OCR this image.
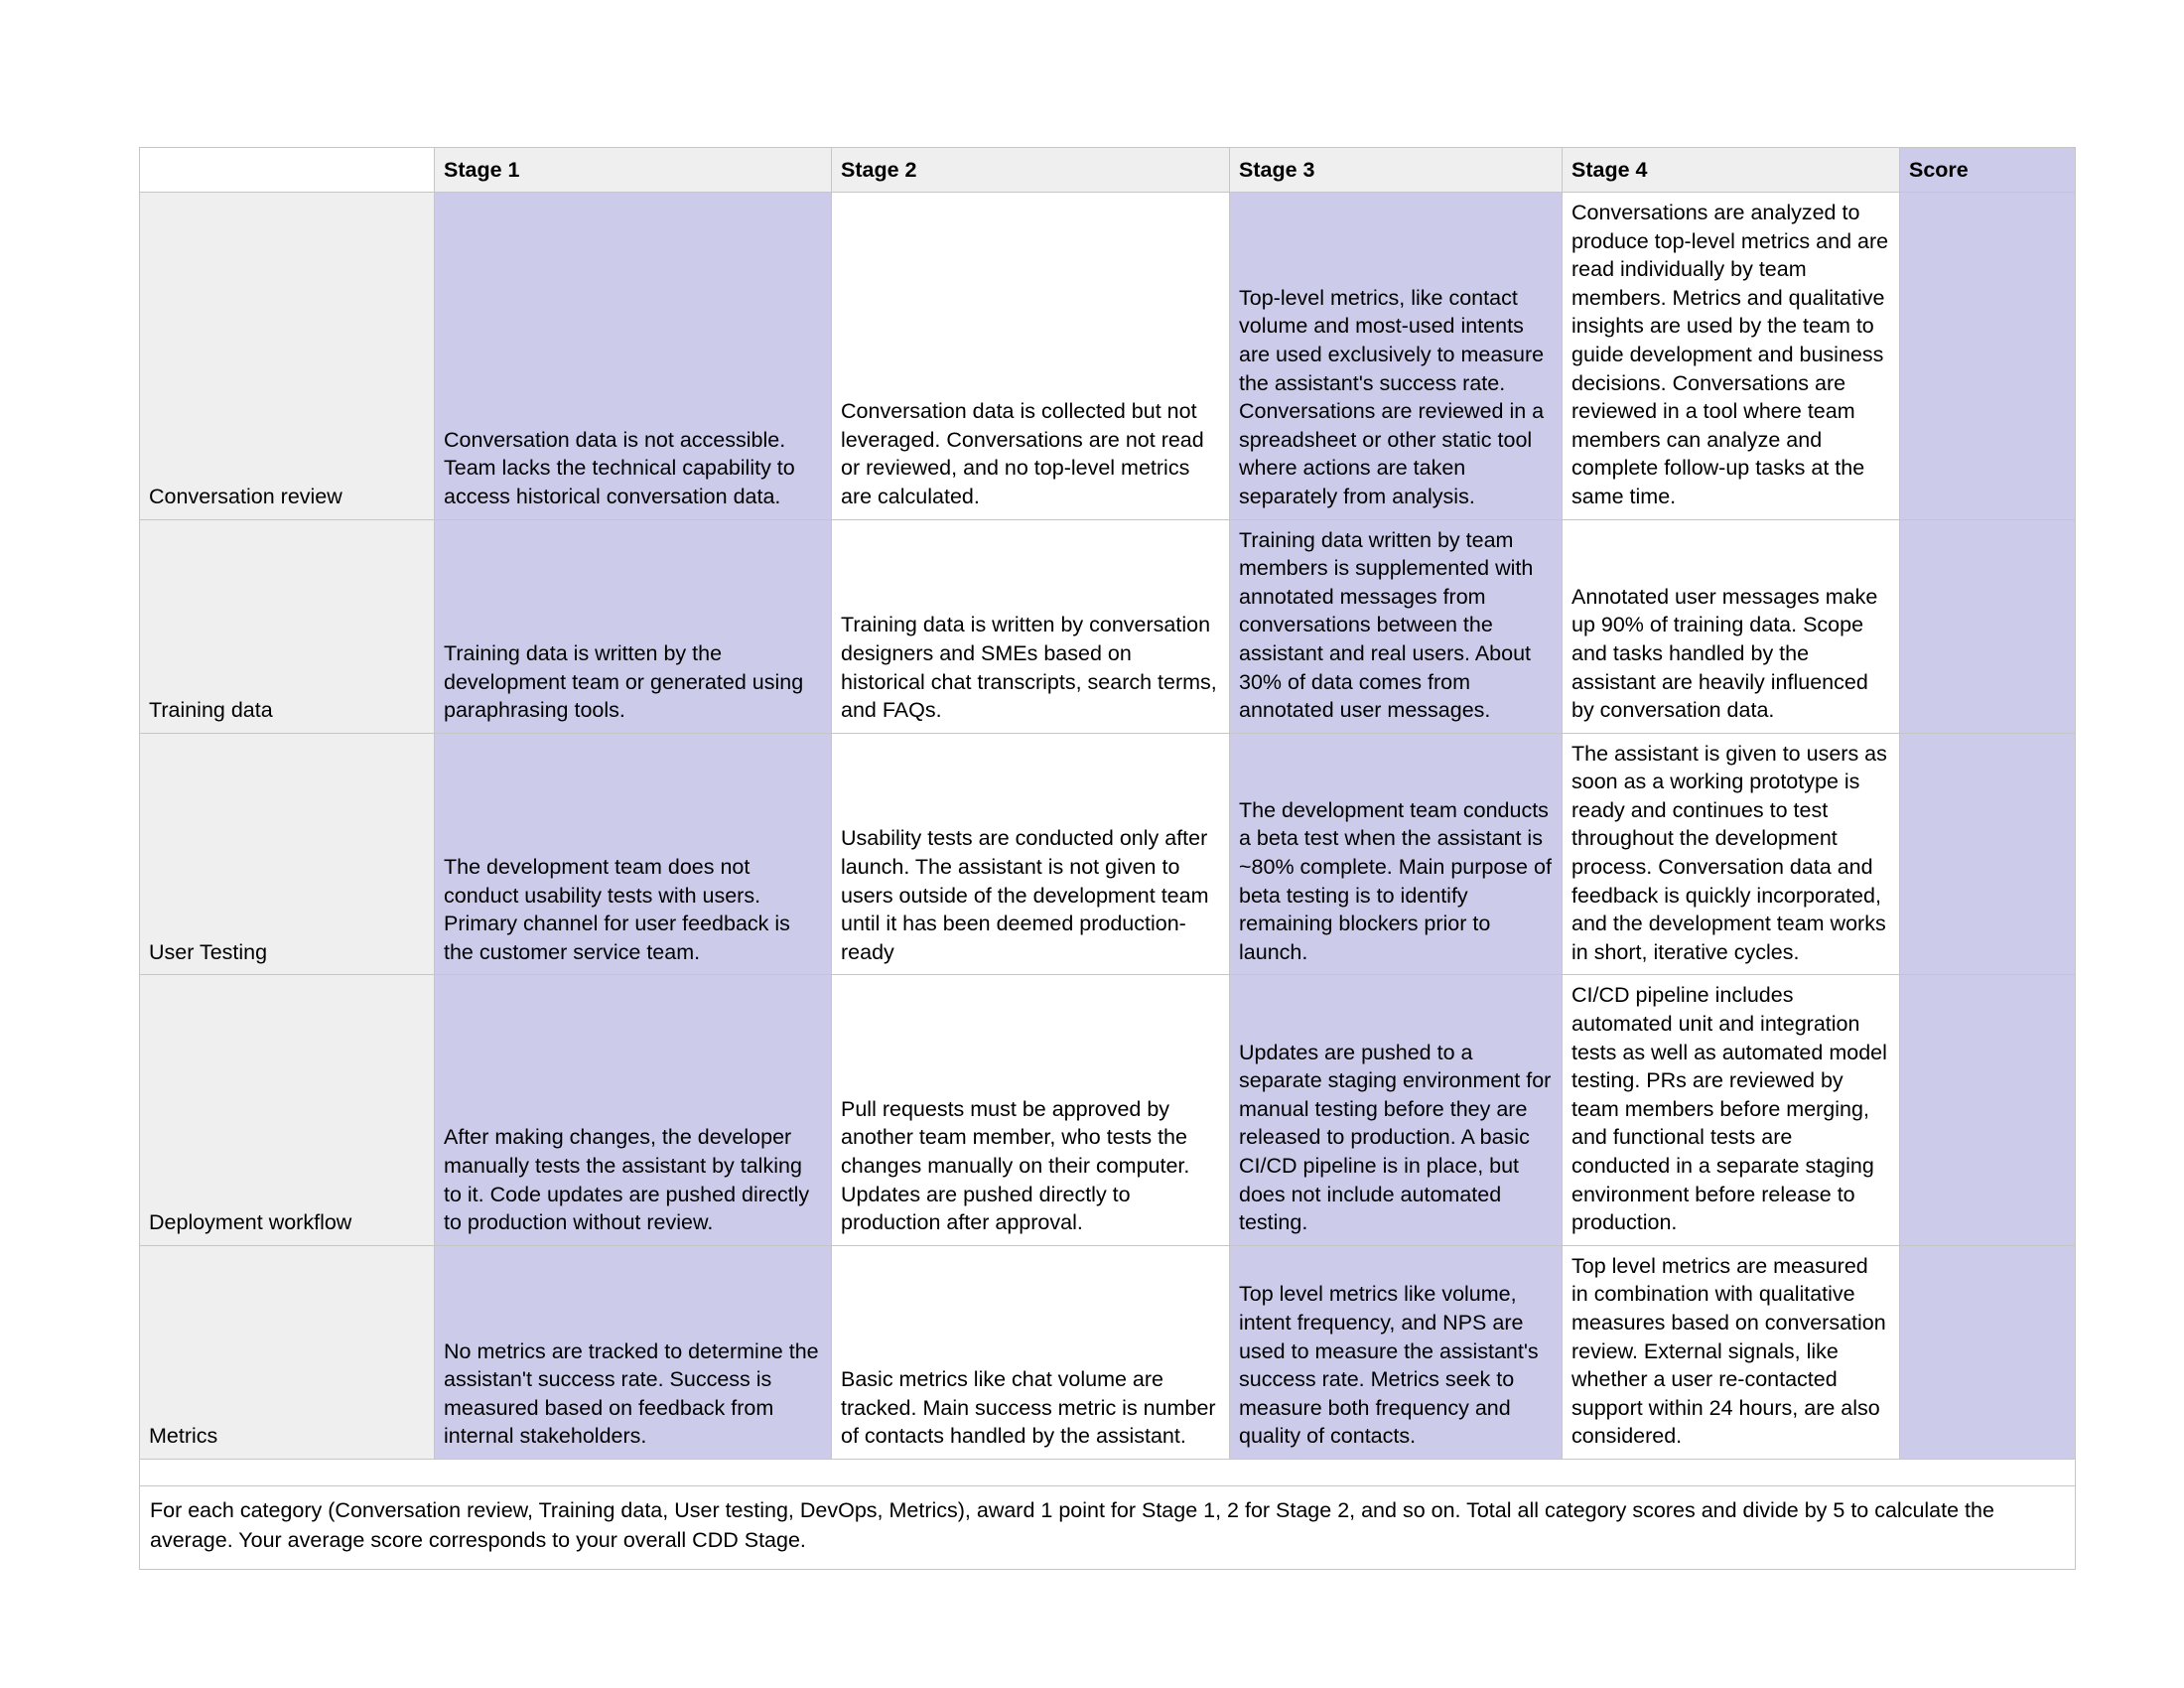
	Stage 1	Stage 2	Stage 3	Stage 4	Score
Conversation review	Conversation data is not accessible. Team lacks the technical capability to access historical conversation data.	Conversation data is collected but not leveraged. Conversations are not read or reviewed, and no top-level metrics are calculated.	Top-level metrics, like contact volume and most-used intents are used exclusively to measure the assistant's success rate. Conversations are reviewed in a spreadsheet or other static tool where actions are taken separately from analysis.	Conversations are analyzed to produce top-level metrics and are read individually by team members. Metrics and qualitative insights are used by the team to guide development and business decisions. Conversations are reviewed in a tool where team members can analyze and complete follow-up tasks at the same time.	
Training data	Training data is written by the development team or generated using paraphrasing tools.	Training data is written by conversation designers and SMEs based on historical chat transcripts, search terms, and FAQs.	Training data written by team members is supplemented with annotated messages from conversations between the assistant and real users. About 30% of data comes from annotated user messages.	Annotated user messages make up 90% of training data. Scope and tasks handled by the assistant are heavily influenced by conversation data.	
User Testing	The development team does not conduct usability tests with users. Primary channel for user feedback is the customer service team.	Usability tests are conducted only after launch. The assistant is not given to users outside of the development team until it has been deemed production-ready	The development team conducts a beta test when the assistant is ~80% complete. Main purpose of beta testing is to identify remaining blockers prior to launch.	The assistant is given to users as soon as a working prototype is ready and continues to test throughout the development process. Conversation data and feedback is quickly incorporated, and the development team works in short, iterative cycles.	
Deployment workflow	After making changes, the developer manually tests the assistant by talking to it. Code updates are pushed directly to production without review.	Pull requests must be approved by another team member, who tests the changes manually on their computer. Updates are pushed directly to production after approval.	Updates are pushed to a separate staging environment for manual testing before they are released to production. A basic CI/CD pipeline is in place, but does not include automated testing.	CI/CD pipeline includes automated unit and integration tests as well as automated model testing. PRs are reviewed by team members before merging, and functional tests are conducted in a separate staging environment before release to production.	
Metrics	No metrics are tracked to determine the assistan't success rate. Success is measured based on feedback from internal stakeholders.	Basic metrics like chat volume are tracked. Main success metric is number of contacts handled by the assistant.	Top level metrics like volume, intent frequency, and NPS are used to measure the assistant's success rate. Metrics seek to measure both frequency and quality of contacts.	Top level metrics are measured in combination with qualitative measures based on conversation review. External signals, like whether a user re-contacted support within 24 hours, are also considered.	

For each category (Conversation review, Training data, User testing, DevOps, Metrics), award 1 point for Stage 1, 2 for Stage 2, and so on. Total all category scores and divide by 5 to calculate the average. Your average score corresponds to your overall CDD Stage.					
